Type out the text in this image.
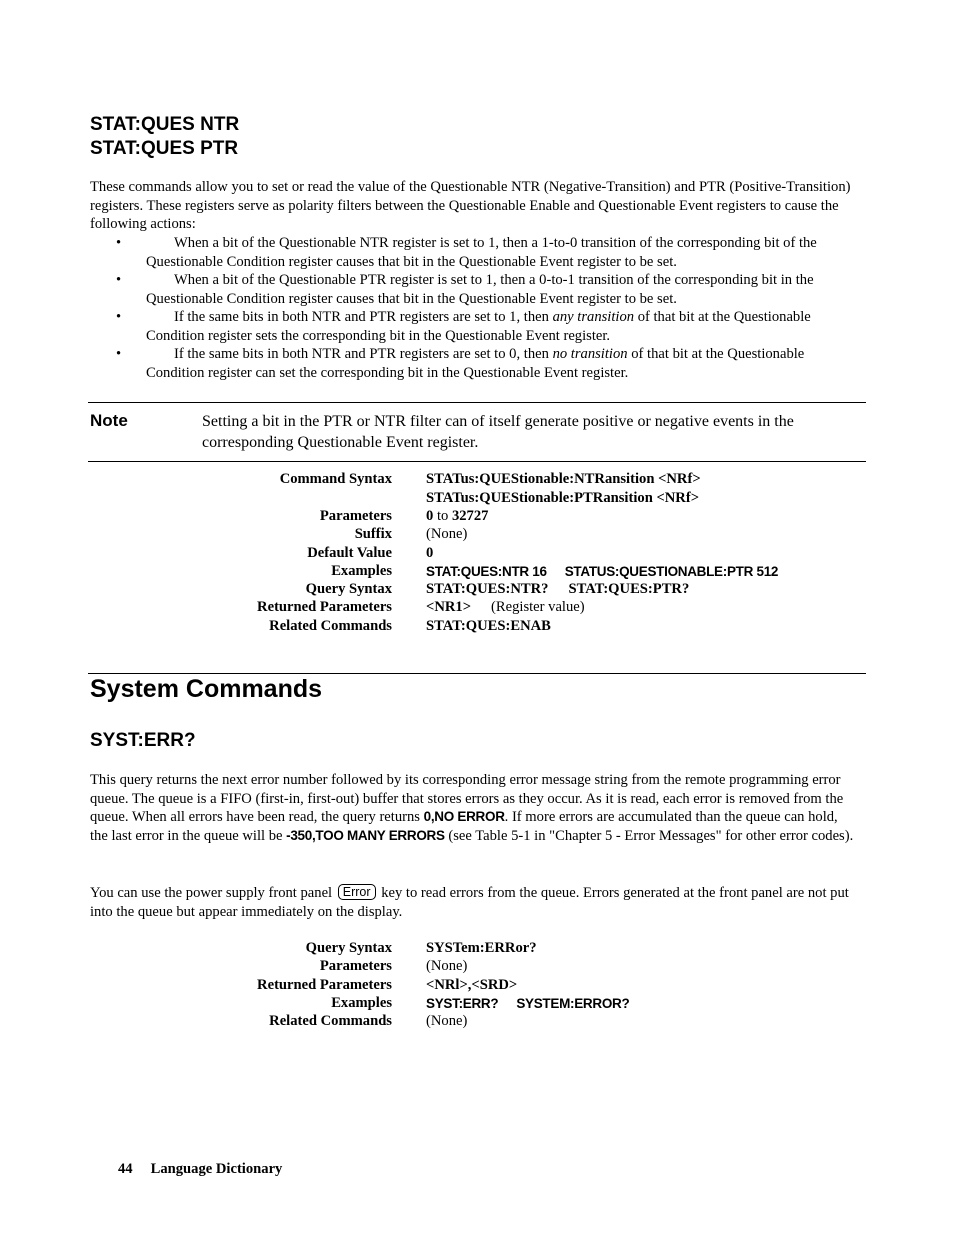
STAT:QUES NTR
STAT:QUES PTR

These commands allow you to set or read the value of the Questionable NTR (Negative-Transition) and PTR (Positive-Transition) registers. These registers serve as polarity filters between the Questionable Enable and Questionable Event registers to cause the following actions:

•	When a bit of the Questionable NTR register is set to 1, then a 1-to-0 transition of the corresponding bit of the Questionable Condition register causes that bit in the Questionable Event register to be set.
•	When a bit of the Questionable PTR register is set to 1, then a 0-to-1 transition of the corresponding bit in the Questionable Condition register causes that bit in the Questionable Event register to be set.
•	If the same bits in both NTR and PTR registers are set to 1, then any transition of that bit at the Questionable Condition register sets the corresponding bit in the Questionable Event register.
•	If the same bits in both NTR and PTR registers are set to 0, then no transition of that bit at the Questionable Condition register can set the corresponding bit in the Questionable Event register.
Note	Setting a bit in the PTR or NTR filter can of itself generate positive or negative events in the corresponding Questionable Event register.

Command Syntax STATus:QUEStionable:NTRansition <NRf>
STATus:QUEStionable:PTRansition <NRf>
Parameters 0 to 32727
Suffix (None)
Default Value 0
Examples	STAT:QUES:NTR 16 STATUS:QUESTIONABLE:PTR 512
Query Syntax STAT:QUES:NTR? STAT:QUES:PTR?
Returned Parameters <NR1> (Register value)
Related Commands STAT:QUES:ENAB
System Commands
SYST:ERR?

This query returns the next error number followed by its corresponding error message string from the remote programming error queue. The queue is a FIFO (first-in, first-out) buffer that stores errors as they occur. As it is read, each error is removed from the queue. When all errors have been read, the query returns 0,NO ERROR. If more errors are accumulated than the queue can hold, the last error in the queue will be -350,TOO MANY ERRORS (see Table 5-1 in "Chapter 5 - Error Messages" for other error codes).

You can use the power supply front panel Error key to read errors from the queue. Errors generated at the front panel are not put into the queue but appear immediately on the display.

Query Syntax SYSTem:ERRor?
Parameters (None)
Returned Parameters <NRl>,<SRD>
Examples	SYST:ERR? SYSTEM:ERROR?
Related Commands (None)
44 Language Dictionary
